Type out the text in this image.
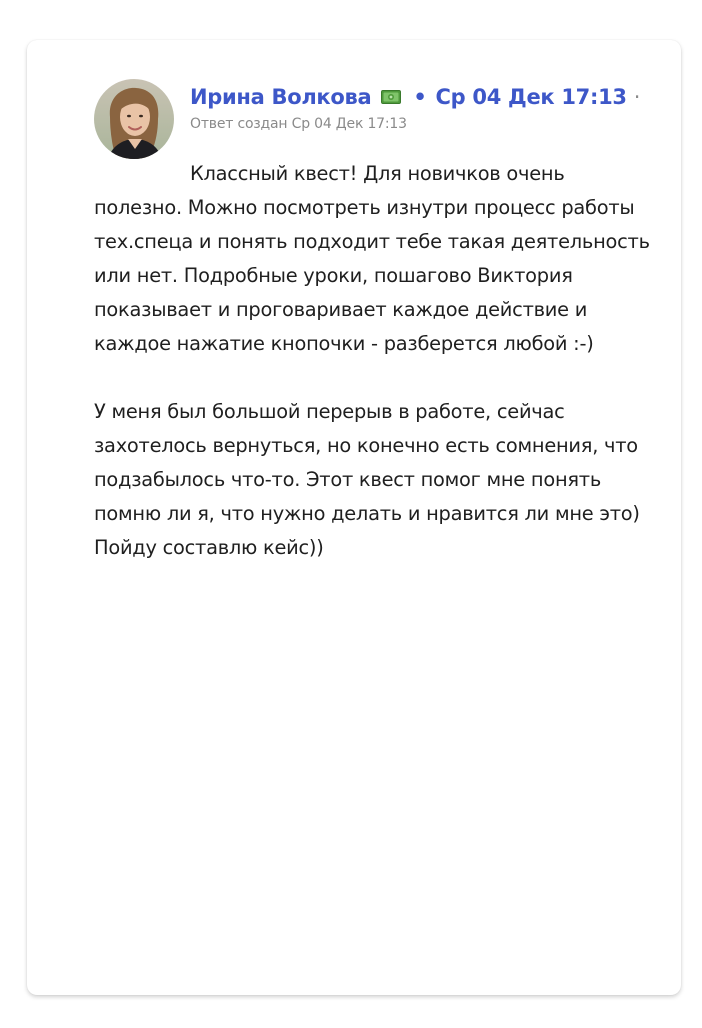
Ирина Волкова • Ср 04 Дек 17:13 ·
Ответ создан Ср 04 Дек 17:13

Классный квест! Для новичков очень полезно. Можно посмотреть изнутри процесс работы тех.спеца и понять подходит тебе такая деятельность или нет. Подробные уроки, пошагово Виктория показывает и проговаривает каждое действие и каждое нажатие кнопочки - разберется любой :-)

У меня был большой перерыв в работе, сейчас захотелось вернуться, но конечно есть сомнения, что подзабылось что-то. Этот квест помог мне понять помню ли я, что нужно делать и нравится ли мне это) Пойду составлю кейс))
